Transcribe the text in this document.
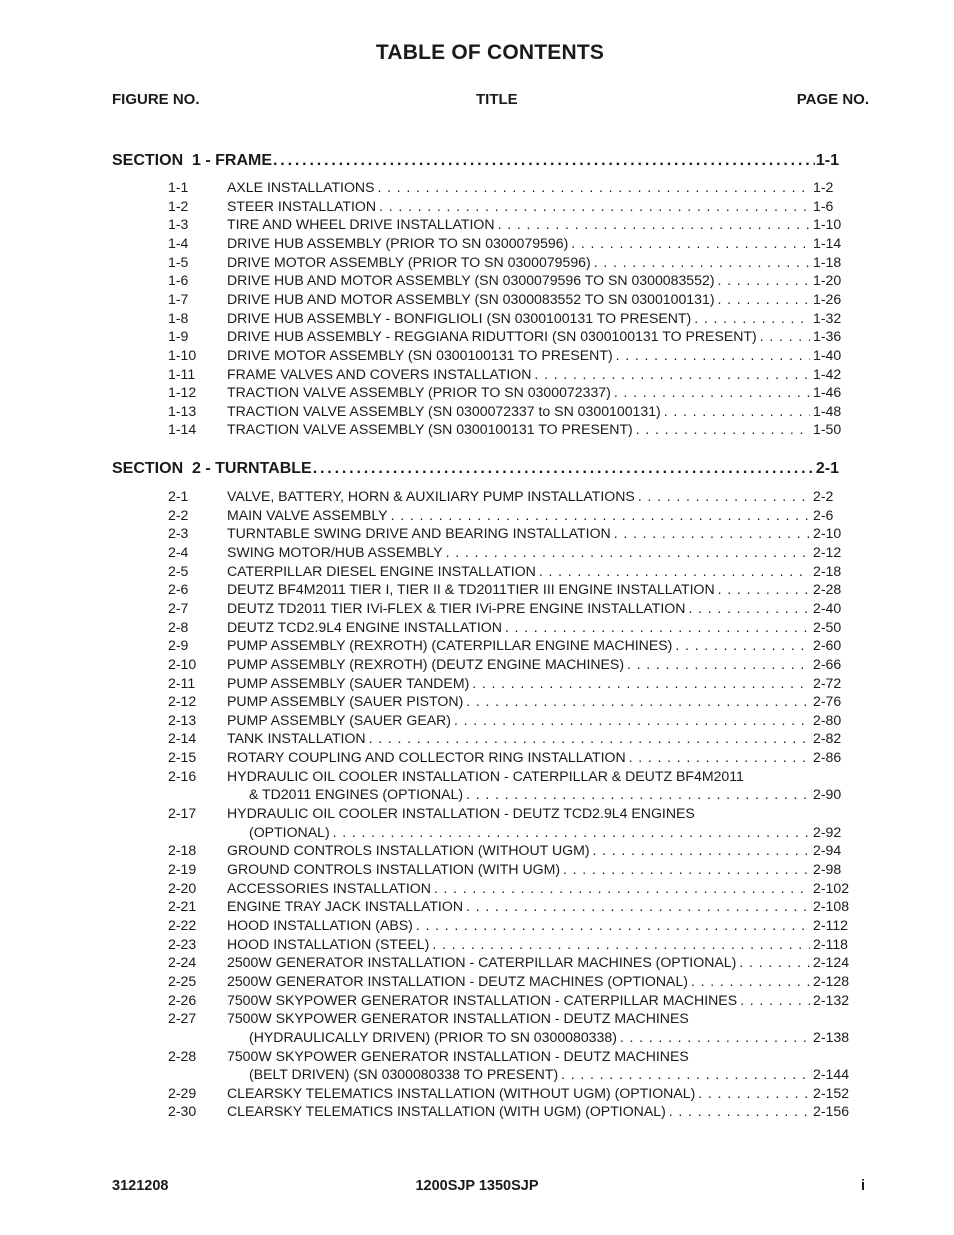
TABLE OF CONTENTS
FIGURE NO.	TITLE	PAGE NO.
SECTION  1 - FRAME . . .	1-1
1-1	AXLE INSTALLATIONS . . .	1-2
1-2	STEER INSTALLATION . . .	1-6
1-3	TIRE AND WHEEL DRIVE INSTALLATION . . .	1-10
1-4	DRIVE HUB ASSEMBLY (PRIOR TO SN 0300079596) . . .	1-14
1-5	DRIVE MOTOR ASSEMBLY (PRIOR TO SN 0300079596) . . .	1-18
1-6	DRIVE HUB AND MOTOR ASSEMBLY (SN 0300079596 TO SN 0300083552) . . .	1-20
1-7	DRIVE HUB AND MOTOR ASSEMBLY (SN 0300083552 TO SN 0300100131) . . .	1-26
1-8	DRIVE HUB ASSEMBLY - BONFIGLIOLI (SN 0300100131 TO PRESENT) . . .	1-32
1-9	DRIVE HUB ASSEMBLY - REGGIANA RIDUTTORI (SN 0300100131 TO PRESENT) . . .	1-36
1-10 DRIVE MOTOR ASSEMBLY (SN 0300100131 TO PRESENT) . . .	1-40
1-11 FRAME VALVES AND COVERS INSTALLATION . . .	1-42
1-12 TRACTION VALVE ASSEMBLY (PRIOR TO SN 0300072337) . . .	1-46
1-13 TRACTION VALVE ASSEMBLY (SN 0300072337 to SN 0300100131) . . .	1-48
1-14 TRACTION VALVE ASSEMBLY (SN 0300100131 TO PRESENT) . . .	1-50
SECTION  2 - TURNTABLE . . .	2-1
2-1	VALVE, BATTERY, HORN & AUXILIARY PUMP INSTALLATIONS . . .	2-2
2-2	MAIN VALVE ASSEMBLY . . .	2-6
2-3	TURNTABLE SWING DRIVE AND BEARING INSTALLATION . . .	2-10
2-4	SWING MOTOR/HUB ASSEMBLY . . .	2-12
2-5	CATERPILLAR DIESEL ENGINE INSTALLATION . . .	2-18
2-6	DEUTZ BF4M2011 TIER I, TIER II & TD2011TIER III ENGINE INSTALLATION . . .	2-28
2-7	DEUTZ TD2011 TIER IVi-FLEX & TIER IVi-PRE ENGINE INSTALLATION . . .	2-40
2-8	DEUTZ TCD2.9L4 ENGINE INSTALLATION . . .	2-50
2-9	PUMP ASSEMBLY (REXROTH) (CATERPILLAR ENGINE MACHINES) . . .	2-60
2-10 PUMP ASSEMBLY (REXROTH) (DEUTZ ENGINE MACHINES) . . .	2-66
2-11 PUMP ASSEMBLY (SAUER TANDEM) . . .	2-72
2-12 PUMP ASSEMBLY (SAUER PISTON) . . .	2-76
2-13 PUMP ASSEMBLY (SAUER GEAR) . . .	2-80
2-14 TANK INSTALLATION . . .	2-82
2-15 ROTARY COUPLING AND COLLECTOR RING INSTALLATION . . .	2-86
2-16 HYDRAULIC OIL COOLER INSTALLATION - CATERPILLAR & DEUTZ BF4M2011
& TD2011 ENGINES (OPTIONAL) . . .	2-90
2-17 HYDRAULIC OIL COOLER INSTALLATION - DEUTZ TCD2.9L4 ENGINES
(OPTIONAL) . . .	2-92
2-18 GROUND CONTROLS INSTALLATION (WITHOUT UGM) . . .	2-94
2-19 GROUND CONTROLS INSTALLATION (WITH UGM) . . .	2-98
2-20 ACCESSORIES INSTALLATION . . .	2-102
2-21 ENGINE TRAY JACK INSTALLATION . . .	2-108
2-22 HOOD INSTALLATION (ABS) . . .	2-112
2-23 HOOD INSTALLATION (STEEL) . . .	2-118
2-24 2500W GENERATOR INSTALLATION - CATERPILLAR MACHINES (OPTIONAL) . . .	2-124
2-25 2500W GENERATOR INSTALLATION - DEUTZ MACHINES (OPTIONAL) . . .	2-128
2-26 7500W SKYPOWER GENERATOR INSTALLATION - CATERPILLAR MACHINES . . .	2-132
2-27 7500W SKYPOWER GENERATOR INSTALLATION - DEUTZ MACHINES
(HYDRAULICALLY DRIVEN) (PRIOR TO SN 0300080338) . . .	2-138
2-28 7500W SKYPOWER GENERATOR INSTALLATION - DEUTZ MACHINES
(BELT DRIVEN) (SN 0300080338 TO PRESENT) . . .	2-144
2-29 CLEARSKY TELEMATICS INSTALLATION (WITHOUT UGM) (OPTIONAL) . . .	2-152
2-30 CLEARSKY TELEMATICS INSTALLATION (WITH UGM) (OPTIONAL) . . .	2-156
3121208	1200SJP 1350SJP	i
